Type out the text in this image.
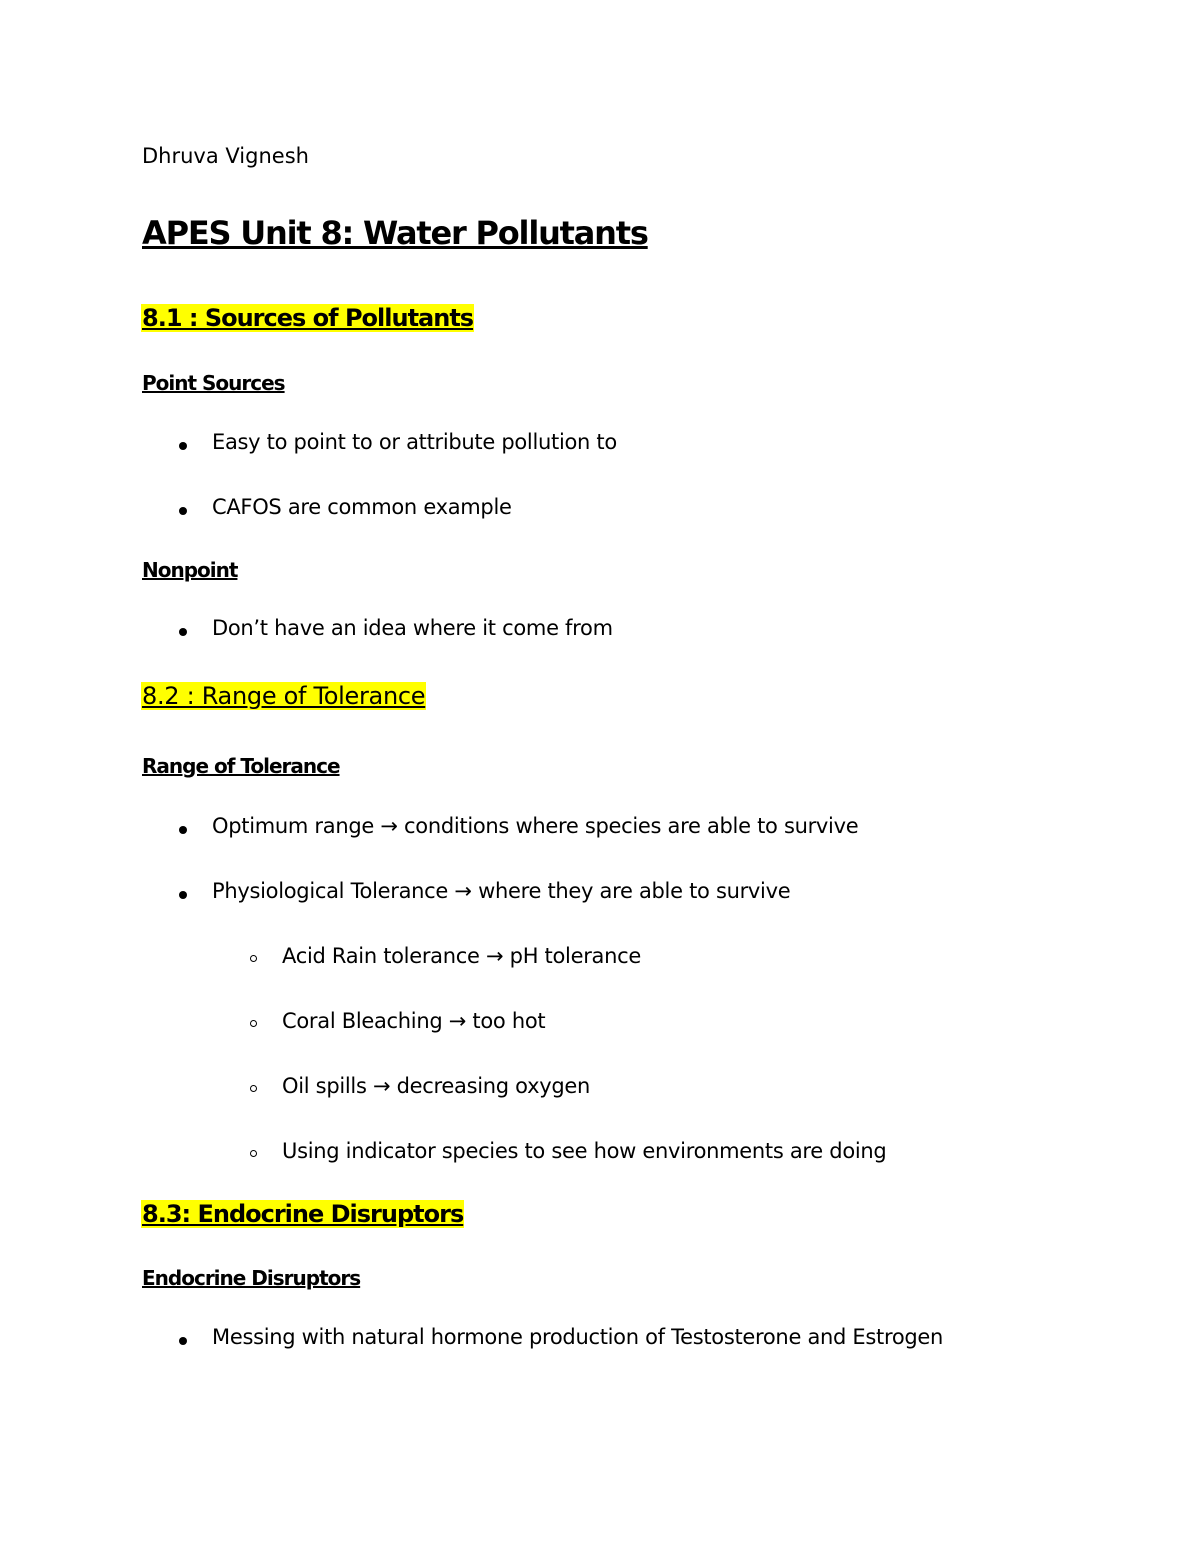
Dhruva Vignesh
APES Unit 8: Water Pollutants
8.1 : Sources of Pollutants
Point Sources
Easy to point to or attribute pollution to
CAFOS are common example
Nonpoint
Don’t have an idea where it come from
8.2 : Range of Tolerance
Range of Tolerance
Optimum range → conditions where species are able to survive
Physiological Tolerance → where they are able to survive
Acid Rain tolerance → pH tolerance
Coral Bleaching → too hot
Oil spills → decreasing oxygen
Using indicator species to see how environments are doing
8.3: Endocrine Disruptors
Endocrine Disruptors
Messing with natural hormone production of Testosterone and Estrogen
